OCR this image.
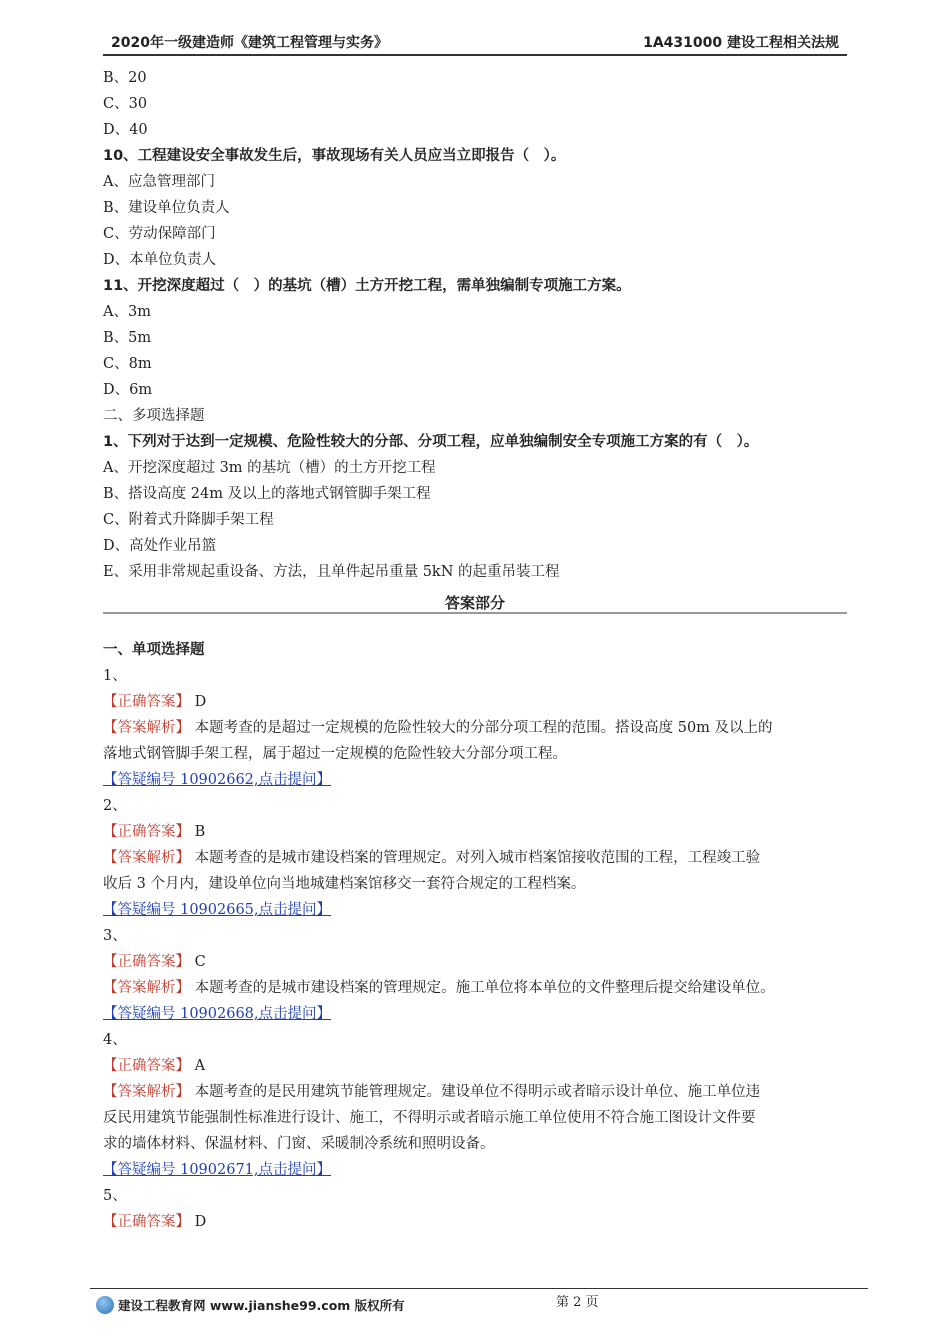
2020年一级建造师《建筑工程管理与实务》	1A431000 建设工程相关法规
B、20
C、30
D、40
10、工程建设安全事故发生后，事故现场有关人员应当立即报告（　）。
A、应急管理部门
B、建设单位负责人
C、劳动保障部门
D、本单位负责人
11、开挖深度超过（　）的基坑（槽）土方开挖工程，需单独编制专项施工方案。
A、3m
B、5m
C、8m
D、6m
二、多项选择题
1、下列对于达到一定规模、危险性较大的分部、分项工程，应单独编制安全专项施工方案的有（　）。
A、开挖深度超过 3m 的基坑（槽）的土方开挖工程
B、搭设高度 24m 及以上的落地式钢管脚手架工程
C、附着式升降脚手架工程
D、高处作业吊篮
E、采用非常规起重设备、方法，且单件起吊重量 5kN 的起重吊装工程
答案部分
一、单项选择题
1、
【正确答案】 D
【答案解析】 本题考查的是超过一定规模的危险性较大的分部分项工程的范围。搭设高度 50m 及以上的
落地式钢管脚手架工程，属于超过一定规模的危险性较大分部分项工程。
【答疑编号 10902662,点击提问】
2、
【正确答案】 B
【答案解析】 本题考查的是城市建设档案的管理规定。对列入城市档案馆接收范围的工程，工程竣工验
收后 3 个月内，建设单位向当地城建档案馆移交一套符合规定的工程档案。
【答疑编号 10902665,点击提问】
3、
【正确答案】 C
【答案解析】 本题考查的是城市建设档案的管理规定。施工单位将本单位的文件整理后提交给建设单位。
【答疑编号 10902668,点击提问】
4、
【正确答案】 A
【答案解析】 本题考查的是民用建筑节能管理规定。建设单位不得明示或者暗示设计单位、施工单位违
反民用建筑节能强制性标准进行设计、施工，不得明示或者暗示施工单位使用不符合施工图设计文件要
求的墙体材料、保温材料、门窗、采暖制冷系统和照明设备。
【答疑编号 10902671,点击提问】
5、
【正确答案】 D
建设工程教育网 www.jianshe99.com 版权所有	第 2 页
